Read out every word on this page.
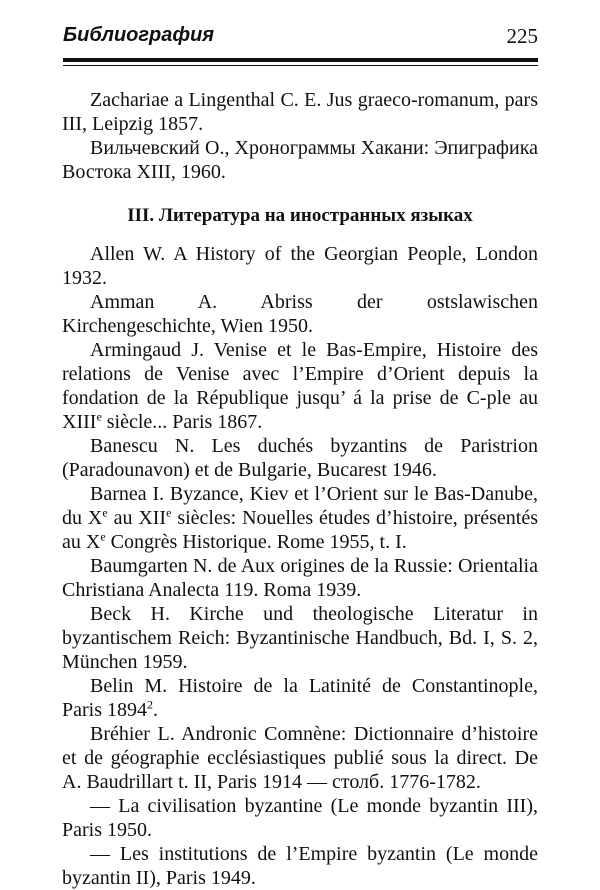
Библиография	225

Zachariae a Lingenthal C. E. Jus graeco-romanum, pars III, Leipzig 1857.

Вильчевский О., Хронограммы Хакани: Эпиграфика Востока XIII, 1960.

III. Литература на иностранных языках

Allen W. A History of the Georgian People, London 1932.

Amman A. Abriss der ostslawischen Kirchengeschichte, Wien 1950.

Armingaud J. Venise et le Bas-Empire, Histoire des relations de Venise avec l’Empire d’Orient depuis la fondation de la République jusqu’ á la prise de C-ple au XIIIe siècle... Paris 1867.

Banescu N. Les duchés byzantins de Paristrion (Paradounavon) et de Bulgarie, Bucarest 1946.

Barnea I. Byzance, Kiev et l’Orient sur le Bas-Danube, du Xe au XIIe siècles: Nouelles études d’histoire, présentés au Xe Congrès Historique. Rome 1955, t. I.

Baumgarten N. de Aux origines de la Russie: Orientalia Christiana Analecta 119. Roma 1939.

Beck H. Kirche und theologische Literatur in byzantischem Reich: Byzantinische Handbuch, Bd. I, S. 2, München 1959.

Belin M. Histoire de la Latinité de Constantinople, Paris 1894$^2$.

Bréhier L. Andronic Comnène: Dictionnaire d’histoire et de géographie ecclésiastiques publié sous la direct. De A. Baudrillart t. II, Paris 1914 — столб. 1776-1782.

— La civilisation byzantine (Le monde byzantin III), Paris 1950.

— Les institutions de l’Empire byzantin (Le monde byzantin II), Paris 1949.
